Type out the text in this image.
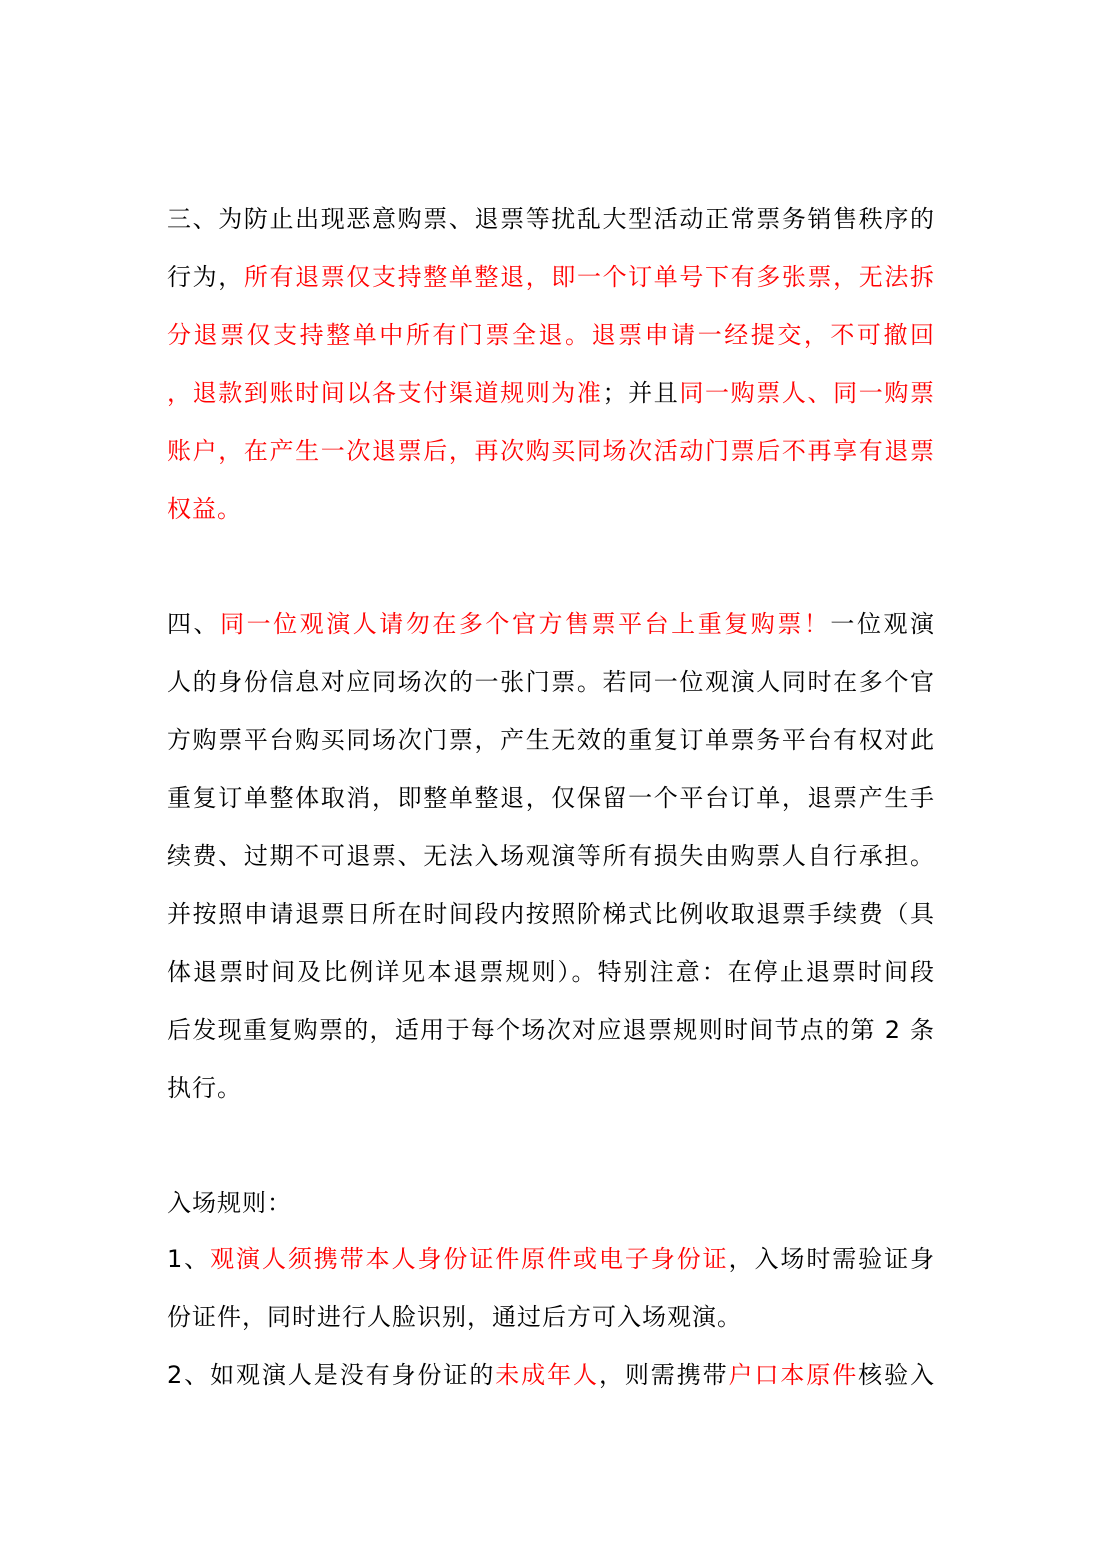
三、为防止出现恶意购票、退票等扰乱大型活动正常票务销售秩序的
行为，所有退票仅支持整单整退，即一个订单号下有多张票，无法拆
分退票仅支持整单中所有门票全退。退票申请一经提交，不可撤回
，退款到账时间以各支付渠道规则为准；并且同一购票人、同一购票
账户，在产生一次退票后，再次购买同场次活动门票后不再享有退票
权益。
四、同一位观演人请勿在多个官方售票平台上重复购票！一位观演
人的身份信息对应同场次的一张门票。若同一位观演人同时在多个官
方购票平台购买同场次门票，产生无效的重复订单票务平台有权对此
重复订单整体取消，即整单整退，仅保留一个平台订单，退票产生手
续费、过期不可退票、无法入场观演等所有损失由购票人自行承担。
并按照申请退票日所在时间段内按照阶梯式比例收取退票手续费（具
体退票时间及比例详见本退票规则）。特别注意：在停止退票时间段
后发现重复购票的，适用于每个场次对应退票规则时间节点的第 2 条
执行。
入场规则：
1、观演人须携带本人身份证件原件或电子身份证，入场时需验证身
份证件，同时进行人脸识别，通过后方可入场观演。
2、如观演人是没有身份证的未成年人，则需携带户口本原件核验入
